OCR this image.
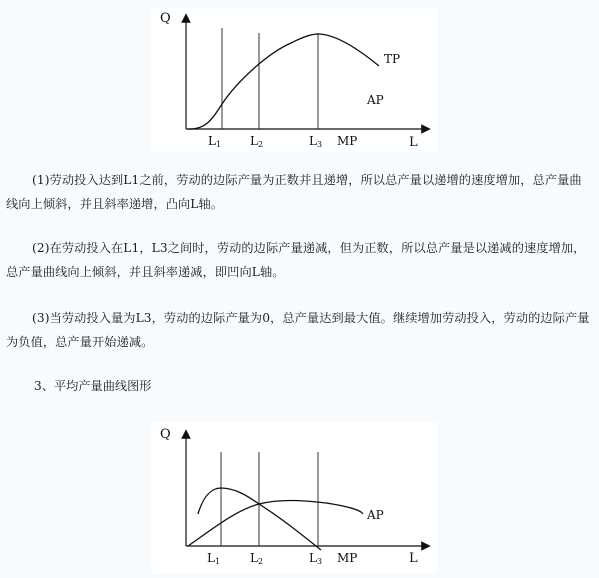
Q
L
TP
AP
MP
L1 L2	L3

(1)劳动投入达到L1之前，劳动的边际产量为正数并且递增，所以总产量以递增的速度增加，总产量曲线向上倾斜，并且斜率递增，凸向L轴。

(2)在劳动投入在L1，L3之间时，劳动的边际产量递减，但为正数，所以总产量是以递减的速度增加，总产量曲线向上倾斜，并且斜率递减，即凹向L轴。

(3)当劳动投入量为L3，劳动的边际产量为0，总产量达到最大值。继续增加劳动投入，劳动的边际产量为负值，总产量开始递减。

3、平均产量曲线图形

Q
L
AP
MP
L1 L2	L3
